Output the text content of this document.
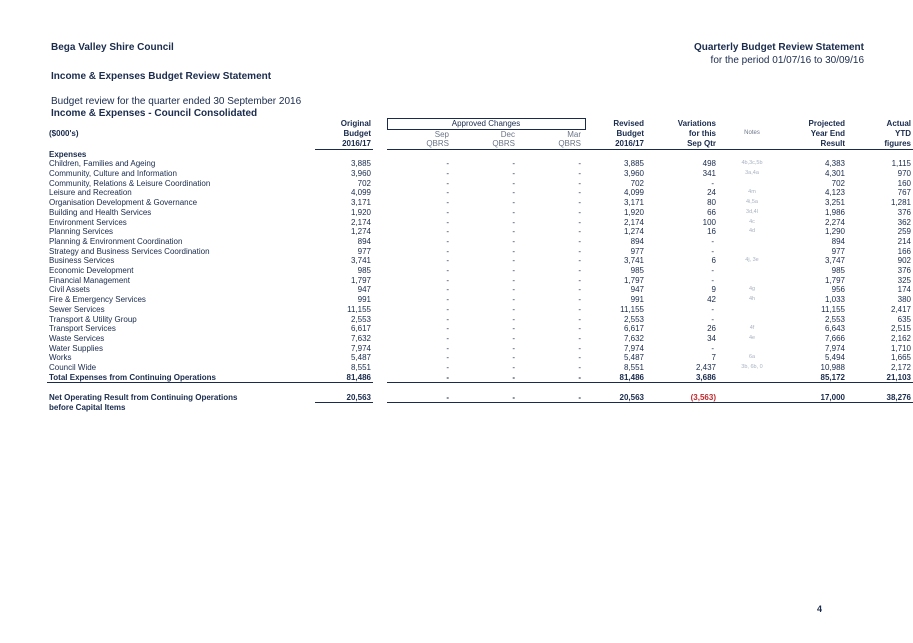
Bega Valley Shire Council	Quarterly Budget Review Statement
for the period 01/07/16 to 30/09/16
Income & Expenses Budget Review Statement
Budget review for the quarter ended 30 September 2016
Income & Expenses - Council Consolidated
	Original		Approved Changes			Revised	Variations		Projected	Actual
($000's)	Budget		Sep	Dec	Mar	Budget	for this	Notes	Year End	YTD
	2016/17		QBRS	QBRS	QBRS	2016/17	Sep Qtr		Result	figures
Expenses										
Children, Families and Ageing	3,885		-	-	-	3,885	498	4b,3c,5b	4,383	1,115
Community, Culture and Information	3,960		-	-	-	3,960	341	3a,4a	4,301	970
Community, Relations & Leisure Coordination	702		-	-	-	702	-		702	160
Leisure and Recreation	4,099		-	-	-	4,099	24	4m	4,123	767
Organisation Development & Governance	3,171		-	-	-	3,171	80	4i,5a	3,251	1,281
Building and Health Services	1,920		-	-	-	1,920	66	3d,4l	1,986	376
Environment Services	2,174		-	-	-	2,174	100	4c	2,274	362
Planning Services	1,274		-	-	-	1,274	16	4d	1,290	259
Planning & Environment Coordination	894		-	-	-	894	-		894	214
Strategy and Business Services Coordination	977		-	-	-	977	-		977	166
Business Services	3,741		-	-	-	3,741	6	4j, 3e	3,747	902
Economic Development	985		-	-	-	985	-		985	376
Financial Management	1,797		-	-	-	1,797	-		1,797	325
Civil Assets	947		-	-	-	947	9	4g	956	174
Fire & Emergency Services	991		-	-	-	991	42	4h	1,033	380
Sewer Services	11,155		-	-	-	11,155	-		11,155	2,417
Transport & Utility Group	2,553		-	-	-	2,553	-		2,553	635
Transport Services	6,617		-	-	-	6,617	26	4f	6,643	2,515
Waste Services	7,632		-	-	-	7,632	34	4e	7,666	2,162
Water Supplies	7,974		-	-	-	7,974	-		7,974	1,710
Works	5,487		-	-	-	5,487	7	6a	5,494	1,665
Council Wide	8,551		-	-	-	8,551	2,437	3b, 6b, 0	10,988	2,172
Total Expenses from Continuing Operations	81,486		-	-	-	81,486	3,686		85,172	21,103

Net Operating Result from Continuing Operations	20,563		-	-	-	20,563	(3,563)		17,000	38,276
before Capital Items										
4
